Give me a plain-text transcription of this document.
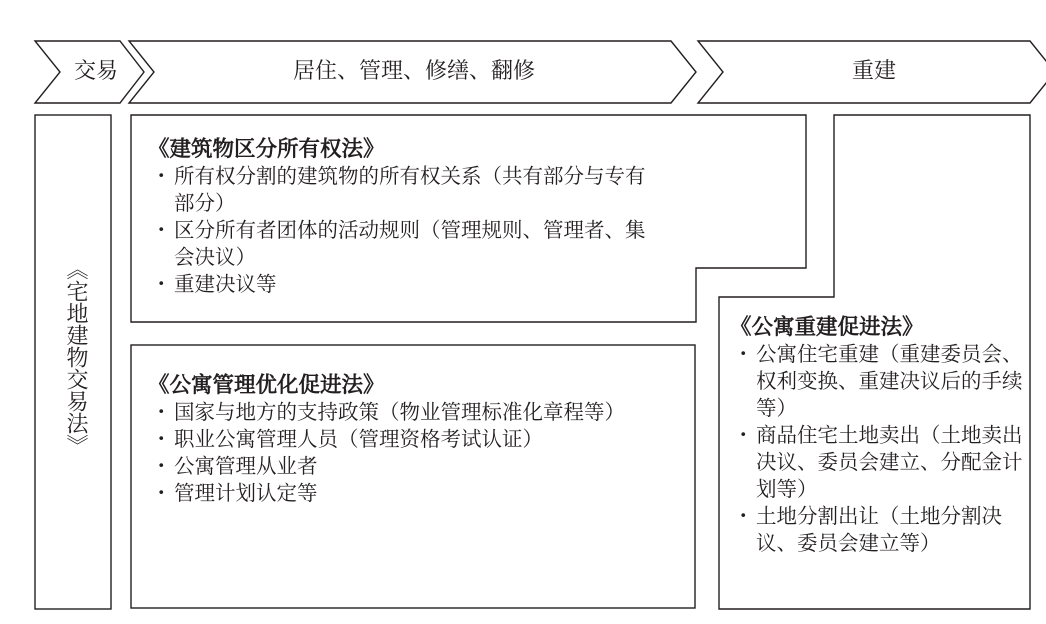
交易	居住、管理、修缮、翻修	重建
《宅地建物交易法》
《建筑物区分所有权法》
・ 所有权分割的建筑物的所有权关系（共有部分与专有部分）
・ 区分所有者团体的活动规则（管理规则、管理者、集会决议）
・ 重建决议等
《公寓管理优化促进法》
・ 国家与地方的支持政策（物业管理标准化章程等）
・ 职业公寓管理人员（管理资格考试认证）
・ 公寓管理从业者
・ 管理计划认定等
《公寓重建促进法》
・ 公寓住宅重建（重建委员会、权利变换、重建决议后的手续等）
・ 商品住宅土地卖出（土地卖出决议、委员会建立、分配金计划等）
・ 土地分割出让（土地分割决议、委员会建立等）
